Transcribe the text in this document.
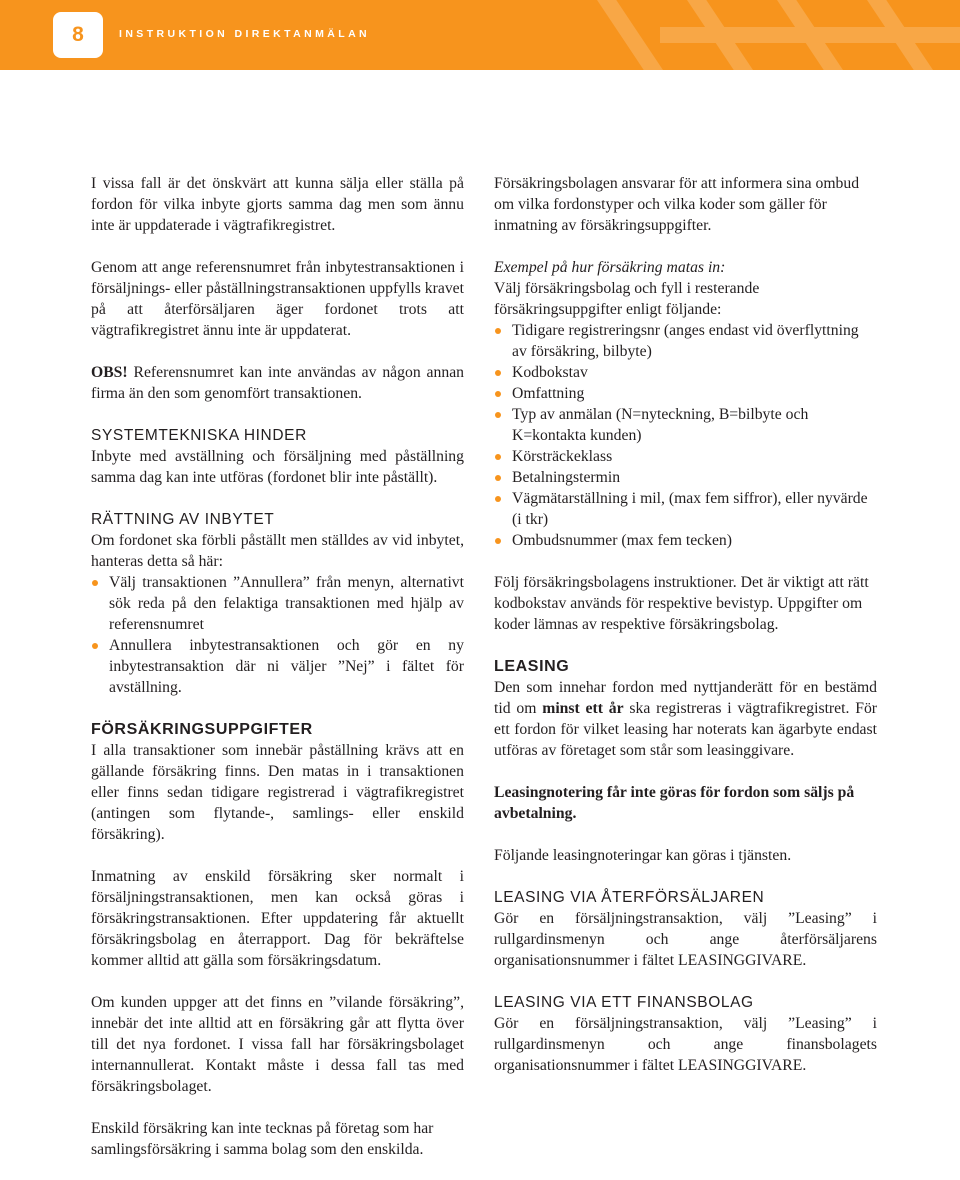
8	INSTRUKTION DIREKTANMÄLAN

I vissa fall är det önskvärt att kunna sälja eller ställa på fordon för vilka inbyte gjorts samma dag men som ännu inte är uppdaterade i vägtrafikregistret.

Genom att ange referensnumret från inbytestransaktionen i försäljnings- eller påställningstransaktionen uppfylls kravet på att återförsäljaren äger fordonet trots att vägtrafikregistret ännu inte är uppdaterat.

OBS! Referensnumret kan inte användas av någon annan firma än den som genomfört transaktionen.

SYSTEMTEKNISKA HINDER

Inbyte med avställning och försäljning med påställning samma dag kan inte utföras (fordonet blir inte påställt).

RÄTTNING AV INBYTET

Om fordonet ska förbli påställt men ställdes av vid inbytet, hanteras detta så här:

Välj transaktionen ”Annullera” från menyn, alternativt sök reda på den felaktiga transaktionen med hjälp av referensnumret
Annullera inbytestransaktionen och gör en ny inbytestransaktion där ni väljer ”Nej” i fältet för avställning.
FÖRSÄKRINGSUPPGIFTER

I alla transaktioner som innebär påställning krävs att en gällande försäkring finns. Den matas in i transaktionen eller finns sedan tidigare registrerad i vägtrafikregistret (antingen som flytande-, samlings- eller enskild försäkring).

Inmatning av enskild försäkring sker normalt i försäljningstransaktionen, men kan också göras i försäkringstransaktionen. Efter uppdatering får aktuellt försäkringsbolag en återrapport. Dag för bekräftelse kommer alltid att gälla som försäkringsdatum.

Om kunden uppger att det finns en ”vilande försäkring”, innebär det inte alltid att en försäkring går att flytta över till det nya fordonet. I vissa fall har försäkringsbolaget internannullerat. Kontakt måste i dessa fall tas med försäkringsbolaget.

Enskild försäkring kan inte tecknas på företag som har samlingsförsäkring i samma bolag som den enskilda.

Försäkringsbolagen ansvarar för att informera sina ombud om vilka fordonstyper och vilka koder som gäller för inmatning av försäkringsuppgifter.

Exempel på hur försäkring matas in:

Välj försäkringsbolag och fyll i resterande försäkringsuppgifter enligt följande:

Tidigare registreringsnr (anges endast vid överflyttning av försäkring, bilbyte)
Kodbokstav
Omfattning
Typ av anmälan (N=nyteckning, B=bilbyte och K=kontakta kunden)
Körsträckeklass
Betalningstermin
Vägmätarställning i mil, (max fem siffror), eller nyvärde
(i tkr)
Ombudsnummer (max fem tecken)

Följ försäkringsbolagens instruktioner. Det är viktigt att rätt kodbokstav används för respektive bevistyp. Uppgifter om koder lämnas av respektive försäkringsbolag.

LEASING

Den som innehar fordon med nyttjanderätt för en bestämd tid om minst ett år ska registreras i vägtrafikregistret. För ett fordon för vilket leasing har noterats kan ägarbyte endast utföras av företaget som står som leasinggivare.

Leasingnotering får inte göras för fordon som säljs på avbetalning.

Följande leasingnoteringar kan göras i tjänsten.

LEASING VIA ÅTERFÖRSÄLJAREN

Gör en försäljningstransaktion, välj ”Leasing” i rullgardinsmenyn och ange återförsäljarens organisationsnummer i fältet LEASINGGIVARE.

LEASING VIA ETT FINANSBOLAG

Gör en försäljningstransaktion, välj ”Leasing” i rullgardinsmenyn och ange finansbolagets organisationsnummer i fältet LEASINGGIVARE.
